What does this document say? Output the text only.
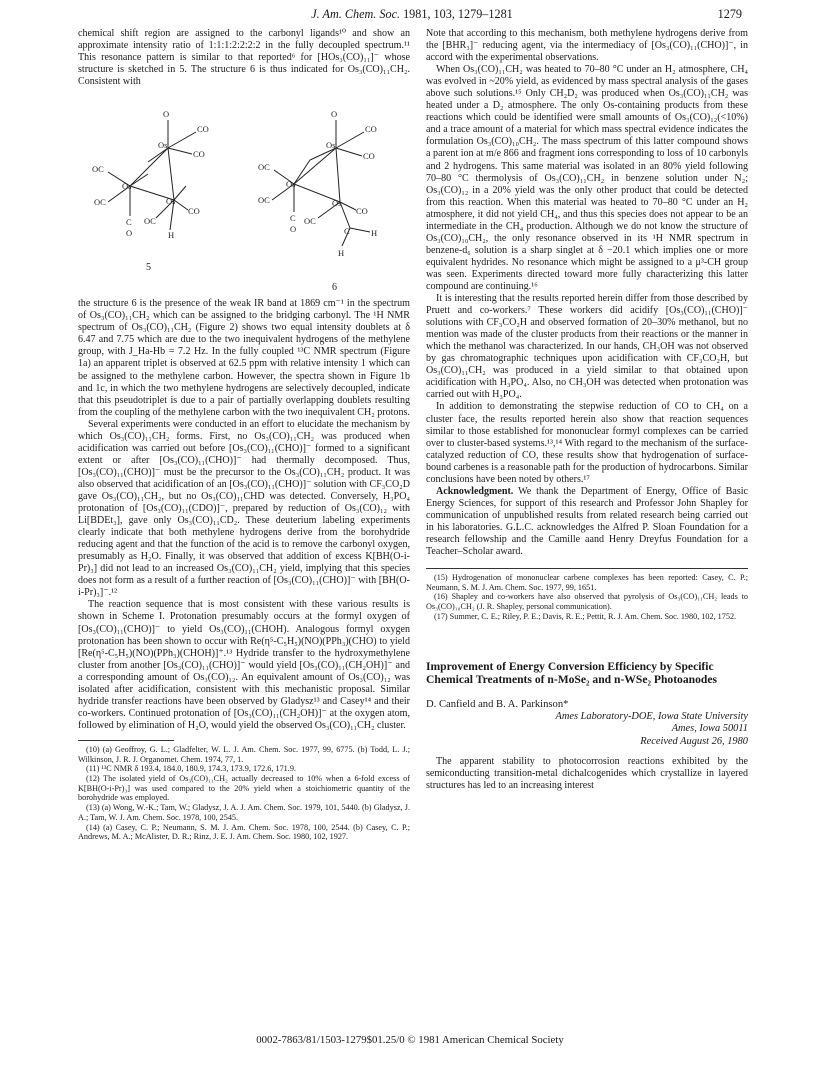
J. Am. Chem. Soc. 1981, 103, 1279–1281	1279

chemical shift region are assigned to the carbonyl ligands¹⁰ and show an approximate intensity ratio of 1:1:1:2:2:2:2 in the fully decoupled spectrum.¹¹ This resonance pattern is similar to that reported⁶ for [HOs₃(CO)₁₁]⁻ whose structure is sketched in 5. The structure 6 is thus indicated for Os₃(CO)₁₁CH₂. Consistent with

O
CO
CO
Os
OC
OC
Os
C
O
Os
CO
OC
H
5
O
CO
CO
Os
OC
OC
Os
C
O
Os
CO
OC
C	H
H
6

the structure 6 is the presence of the weak IR band at 1869 cm⁻¹ in the spectrum of Os₃(CO)₁₁CH₂ which can be assigned to the bridging carbonyl. The ¹H NMR spectrum of Os₃(CO)₁₁CH₂ (Figure 2) shows two equal intensity doublets at δ 6.47 and 7.75 which are due to the two inequivalent hydrogens of the methylene group, with J_Ha-Hb = 7.2 Hz. In the fully coupled ¹³C NMR spectrum (Figure 1a) an apparent triplet is observed at 62.5 ppm with relative intensity 1 which can be assigned to the methylene carbon. However, the spectra shown in Figure 1b and 1c, in which the two methylene hydrogens are selectively decoupled, indicate that this pseudotriplet is due to a pair of partially overlapping doublets resulting from the coupling of the methylene carbon with the two inequivalent CH₂ protons.

Several experiments were conducted in an effort to elucidate the mechanism by which Os₃(CO)₁₁CH₂ forms. First, no Os₃(CO)₁₁CH₂ was produced when acidification was carried out before [Os₃(CO)₁₁(CHO)]⁻ formed to a significant extent or after [Os₃(CO)₁₁(CHO)]⁻ had thermally decomposed. Thus, [Os₃(CO)₁₁(CHO)]⁻ must be the precursor to the Os₃(CO)₁₁CH₂ product. It was also observed that acidification of an [Os₃(CO)₁₁(CHO)]⁻ solution with CF₃CO₂D gave Os₃(CO)₁₁CH₂, but no Os₃(CO)₁₁CHD was detected. Conversely, H₃PO₄ protonation of [Os₃(CO)₁₁(CDO)]⁻, prepared by reduction of Os₃(CO)₁₂ with Li[BDEt₃], gave only Os₃(CO)₁₁CD₂. These deuterium labeling experiments clearly indicate that both methylene hydrogens derive from the borohydride reducing agent and that the function of the acid is to remove the carbonyl oxygen, presumably as H₂O. Finally, it was observed that addition of excess K[BH(O-i-Pr)₃] did not lead to an increased Os₃(CO)₁₁CH₂ yield, implying that this species does not form as a result of a further reaction of [Os₃(CO)₁₁(CHO)]⁻ with [BH(O-i-Pr)₃]⁻.¹²

The reaction sequence that is most consistent with these various results is shown in Scheme I. Protonation presumably occurs at the formyl oxygen of [Os₃(CO)₁₁(CHO)]⁻ to yield Os₃(CO)₁₁(CHOH). Analogous formyl oxygen protonation has been shown to occur with Re(η⁵-C₅H₅)(NO)(PPh₃)(CHO) to yield [Re(η⁵-C₅H₅)(NO)(PPh₃)(CHOH)]⁺.¹³ Hydride transfer to the hydroxymethylene cluster from another [Os₃(CO)₁₁(CHO)]⁻ would yield [Os₃(CO)₁₁(CH₂OH)]⁻ and a corresponding amount of Os₃(CO)₁₂. An equivalent amount of Os₃(CO)₁₂ was isolated after acidification, consistent with this mechanistic proposal. Similar hydride transfer reactions have been observed by Gladysz¹³ and Casey¹⁴ and their co-workers. Continued protonation of [Os₃(CO)₁₁(CH₂OH)]⁻ at the oxygen atom, followed by elimination of H₂O, would yield the observed Os₃(CO)₁₁CH₂ cluster.

(10) (a) Geoffroy, G. L.; Gladfelter, W. L. J. Am. Chem. Soc. 1977, 99, 6775. (b) Todd, L. J.; Wilkinson, J. R. J. Organomet. Chem. 1974, 77, 1.

(11) ¹³C NMR δ 193.4, 184.0, 180.9, 174.3, 173.9, 172.6, 171.9.

(12) The isolated yield of Os₃(CO)₁₁CH₂ actually decreased to 10% when a 6-fold excess of K[BH(O-i-Pr)₃] was used compared to the 20% yield when a stoichiometric quantity of the borohydride was employed.

(13) (a) Wong, W.-K.; Tam, W.; Gladysz, J. A. J. Am. Chem. Soc. 1979, 101, 5440. (b) Gladysz, J. A.; Tam, W. J. Am. Chem. Soc. 1978, 100, 2545.

(14) (a) Casey, C. P.; Neumann, S. M. J. Am. Chem. Soc. 1978, 100, 2544. (b) Casey, C. P.; Andrews, M. A.; McAlister, D. R.; Rinz, J. E. J. Am. Chem. Soc. 1980, 102, 1927.

Note that according to this mechanism, both methylene hydrogens derive from the [BHR₃]⁻ reducing agent, via the intermediacy of [Os₃(CO)₁₁(CHO)]⁻, in accord with the experimental observations.

When Os₃(CO)₁₁CH₂ was heated to 70–80 °C under an H₂ atmosphere, CH₄ was evolved in ~20% yield, as evidenced by mass spectral analysis of the gases above such solutions.¹⁵ Only CH₂D₂ was produced when Os₃(CO)₁₁CH₂ was heated under a D₂ atmosphere. The only Os-containing products from these reactions which could be identified were small amounts of Os₃(CO)₁₂(<10%) and a trace amount of a material for which mass spectral evidence indicates the formulation Os₃(CO)₁₀CH₂. The mass spectrum of this latter compound shows a parent ion at m/e 866 and fragment ions corresponding to loss of 10 carbonyls and 2 hydrogens. This same material was isolated in an 80% yield following 70–80 °C thermolysis of Os₃(CO)₁₁CH₂ in benzene solution under N₂; Os₃(CO)₁₂ in a 20% yield was the only other product that could be detected from this reaction. When this material was heated to 70–80 °C under an H₂ atmosphere, it did not yield CH₄, and thus this species does not appear to be an intermediate in the CH₄ production. Although we do not know the structure of Os₃(CO)₁₀CH₂, the only resonance observed in its ¹H NMR spectrum in benzene-d₆ solution is a sharp singlet at δ −20.1 which implies one or more equivalent hydrides. No resonance which might be assigned to a μ³-CH group was seen. Experiments directed toward more fully characterizing this latter compound are continuing.¹⁶

It is interesting that the results reported herein differ from those described by Pruett and co-workers.⁷ These workers did acidify [Os₃(CO)₁₁(CHO)]⁻ solutions with CF₃CO₂H and observed formation of 20–30% methanol, but no mention was made of the cluster products from their reactions or the manner in which the methanol was characterized. In our hands, CH₃OH was not observed by gas chromatographic techniques upon acidification with CF₃CO₂H, but Os₃(CO)₁₁CH₂ was produced in a yield similar to that obtained upon acidification with H₃PO₄. Also, no CH₃OH was detected when protonation was carried out with H₃PO₄.

In addition to demonstrating the stepwise reduction of CO to CH₄ on a cluster face, the results reported herein also show that reaction sequences similar to those established for mononuclear formyl complexes can be carried over to cluster-based systems.¹³,¹⁴ With regard to the mechanism of the surface-catalyzed reduction of CO, these results show that hydrogenation of surface-bound carbenes is a reasonable path for the production of hydrocarbons. Similar conclusions have been noted by others.¹⁷

Acknowledgment. We thank the Department of Energy, Office of Basic Energy Sciences, for support of this research and Professor John Shapley for communication of unpublished results from related research being carried out in his laboratories. G.L.C. acknowledges the Alfred P. Sloan Foundation for a research fellowship and the Camille aand Henry Dreyfus Foundation for a Teacher–Scholar award.

(15) Hydrogenation of mononuclear carbene complexes has been reported: Casey, C. P.; Neumann, S. M. J. Am. Chem. Soc. 1977, 99, 1651.

(16) Shapley and co-workers have also observed that pyrolysis of Os₃(CO)₁₁CH₂ leads to Os₃(CO)₁₀CH₂ (J. R. Shapley, personal communication).

(17) Summer, C. E.; Riley, P. E.; Davis, R. E.; Pettit, R. J. Am. Chem. Soc. 1980, 102, 1752.

Improvement of Energy Conversion Efficiency by Specific Chemical Treatments of n-MoSe₂ and n-WSe₂ Photoanodes

D. Canfield and B. A. Parkinson*

Ames Laboratory-DOE, Iowa State University
Ames, Iowa 50011
Received August 26, 1980

The apparent stability to photocorrosion reactions exhibited by the semiconducting transition-metal dichalcogenides which crystallize in layered structures has led to an increasing interest

0002-7863/81/1503-1279$01.25/0 © 1981 American Chemical Society
